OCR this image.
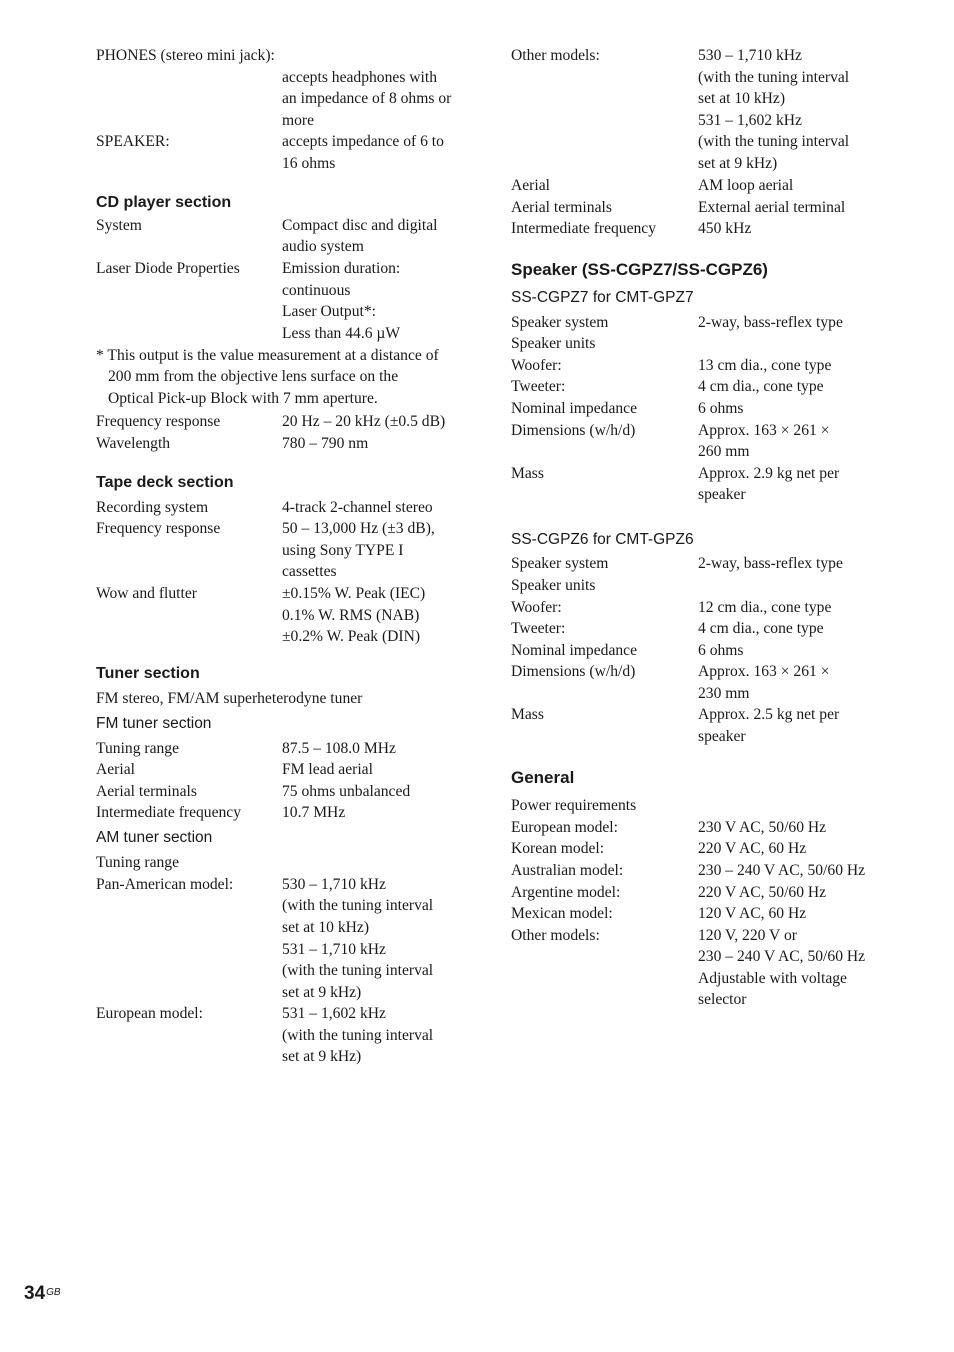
PHONES (stereo mini jack):
accepts headphones with
an impedance of 8 ohms or
more
SPEAKER:	accepts impedance of 6 to
16 ohms
CD player section
System	Compact disc and digital
audio system
Laser Diode Properties	Emission duration:
continuous
Laser Output*:
Less than 44.6 µW
* This output is the value measurement at a distance of
200 mm from the objective lens surface on the
Optical Pick-up Block with 7 mm aperture.
Frequency response	20 Hz – 20 kHz (±0.5 dB)
Wavelength	780 – 790 nm
Tape deck section
Recording system	4-track 2-channel stereo
Frequency response	50 – 13,000 Hz (±3 dB),
using Sony TYPE I
cassettes
Wow and flutter	±0.15% W. Peak (IEC)
0.1% W. RMS (NAB)
±0.2% W. Peak (DIN)
Tuner section
FM stereo, FM/AM superheterodyne tuner
FM tuner section
Tuning range	87.5 – 108.0 MHz
Aerial	FM lead aerial
Aerial terminals	75 ohms unbalanced
Intermediate frequency	10.7 MHz
AM tuner section
Tuning range
Pan-American model:	530 – 1,710 kHz
(with the tuning interval
set at 10 kHz)
531 – 1,710 kHz
(with the tuning interval
set at 9 kHz)
European model:	531 – 1,602 kHz
(with the tuning interval
set at 9 kHz)
Other models:	530 – 1,710 kHz
(with the tuning interval
set at 10 kHz)
531 – 1,602 kHz
(with the tuning interval
set at 9 kHz)
Aerial	AM loop aerial
Aerial terminals	External aerial terminal
Intermediate frequency	450 kHz
Speaker (SS-CGPZ7/SS-CGPZ6)
SS-CGPZ7 for CMT-GPZ7
Speaker system	2-way, bass-reflex type
Speaker units
Woofer:	13 cm dia., cone type
Tweeter:	4 cm dia., cone type
Nominal impedance	6 ohms
Dimensions (w/h/d)	Approx. 163 × 261 ×
260 mm
Mass	Approx. 2.9 kg net per
speaker
SS-CGPZ6 for CMT-GPZ6
Speaker system	2-way, bass-reflex type
Speaker units
Woofer:	12 cm dia., cone type
Tweeter:	4 cm dia., cone type
Nominal impedance	6 ohms
Dimensions (w/h/d)	Approx. 163 × 261 ×
230 mm
Mass	Approx. 2.5 kg net per
speaker
General
Power requirements
European model:	230 V AC, 50/60 Hz
Korean model:	220 V AC, 60 Hz
Australian model:	230 – 240 V AC, 50/60 Hz
Argentine model:	220 V AC, 50/60 Hz
Mexican model:	120 V AC, 60 Hz
Other models:	120 V, 220 V or
230 – 240 V AC, 50/60 Hz
Adjustable with voltage
selector
$34^{GB}$
